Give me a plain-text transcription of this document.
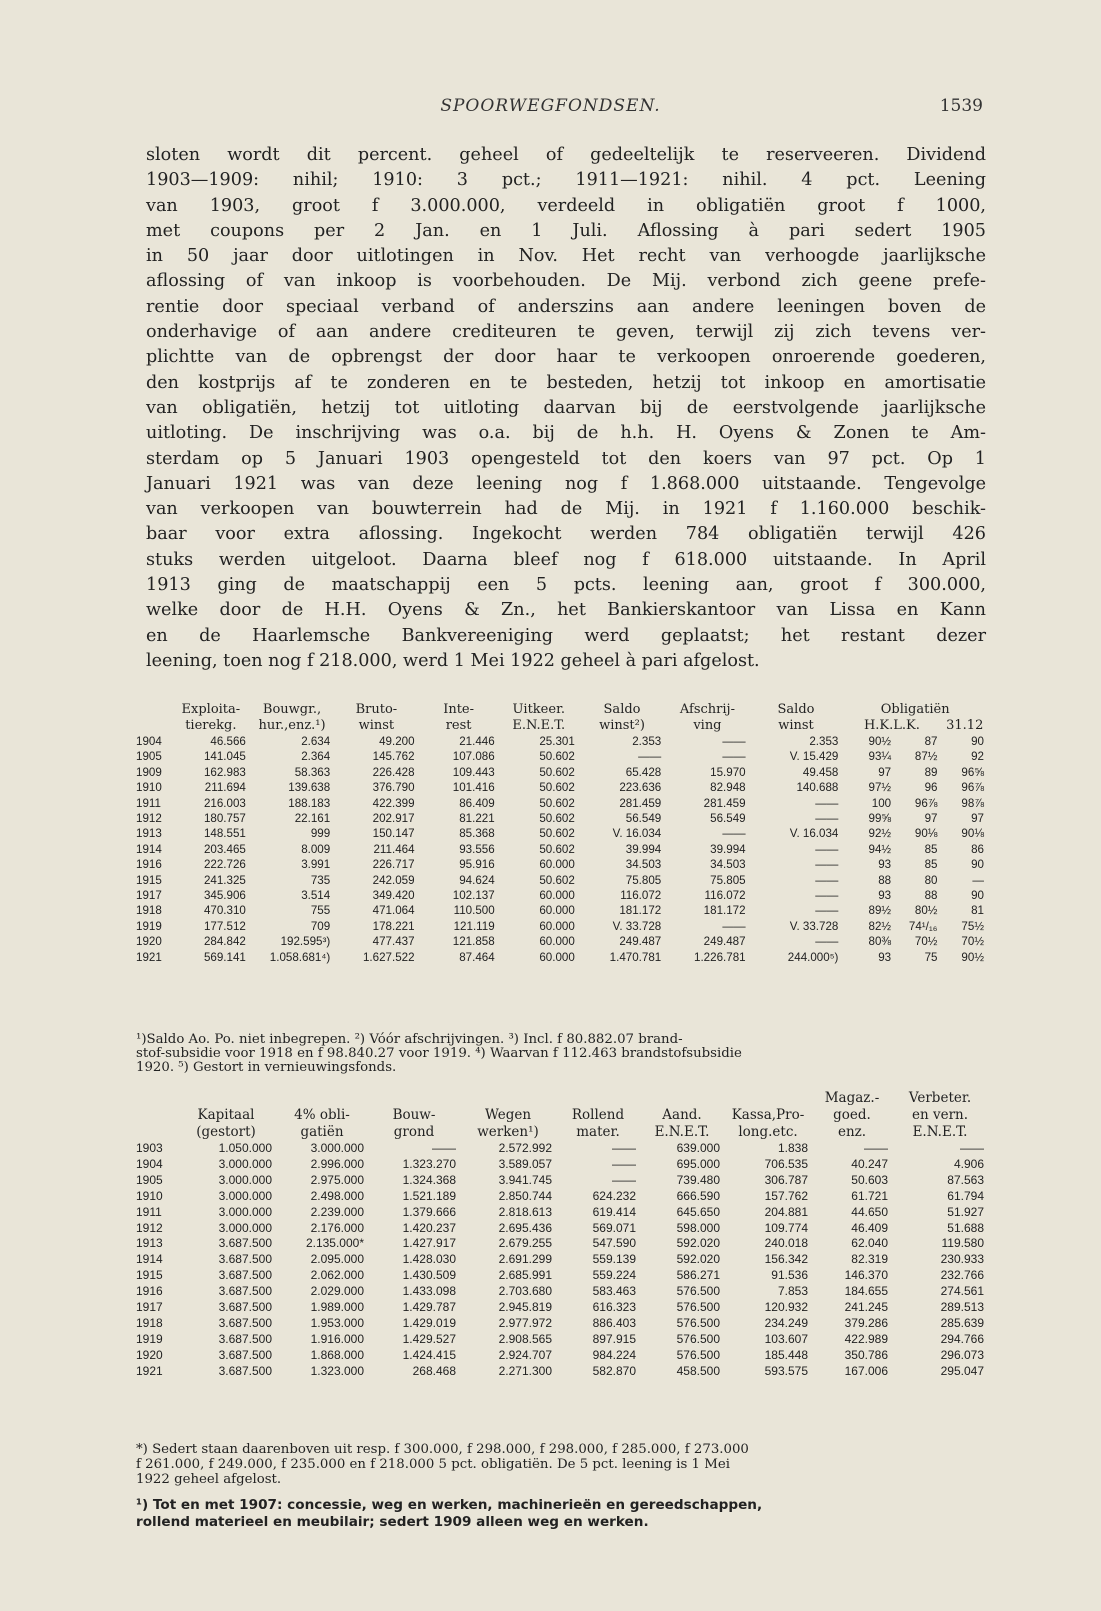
SPOORWEGFONDSEN.	1539
sloten wordt dit percent. geheel of gedeeltelijk te reserveeren. Dividend
1903—1909: nihil; 1910: 3 pct.; 1911—1921: nihil. 4 pct. Leening
van 1903, groot f 3.000.000, verdeeld in obligatiën groot f 1000,
met coupons per 2 Jan. en 1 Juli. Aflossing à pari sedert 1905
in 50 jaar door uitlotingen in Nov. Het recht van verhoogde jaarlijksche
aflossing of van inkoop is voorbehouden. De Mij. verbond zich geene prefe-
rentie door speciaal verband of anderszins aan andere leeningen boven de
onderhavige of aan andere crediteuren te geven, terwijl zij zich tevens ver-
plichtte van de opbrengst der door haar te verkoopen onroerende goederen,
den kostprijs af te zonderen en te besteden, hetzij tot inkoop en amortisatie
van obligatiën, hetzij tot uitloting daarvan bij de eerstvolgende jaarlijksche
uitloting. De inschrijving was o.a. bij de h.h. H. Oyens & Zonen te Am-
sterdam op 5 Januari 1903 opengesteld tot den koers van 97 pct. Op 1
Januari 1921 was van deze leening nog f 1.868.000 uitstaande. Tengevolge
van verkoopen van bouwterrein had de Mij. in 1921 f 1.160.000 beschik-
baar voor extra aflossing. Ingekocht werden 784 obligatiën terwijl 426
stuks werden uitgeloot. Daarna bleef nog f 618.000 uitstaande. In April
1913 ging de maatschappij een 5 pcts. leening aan, groot f 300.000,
welke door de H.H. Oyens & Zn., het Bankierskantoor van Lissa en Kann
en de Haarlemsche Bankvereeniging werd geplaatst; het restant dezer
leening, toen nog f 218.000, werd 1 Mei 1922 geheel à pari afgelost.
	Exploita-	Bouwgr.,	Bruto-	Inte-	Uitkeer.	Saldo	Afschrij-	Saldo	Obligatiën		
	tierekg.	hur.,enz.¹)	winst	rest	E.N.E.T.	winst²)	ving	winst	H.K.L.K.		31.12
1904	46.566	2.634	49.200	21.446	25.301	2.353	——	2.353	90½	87	90
1905	141.045	2.364	145.762	107.086	50.602	——	——	V. 15.429	93¼	87½	92
1909	162.983	58.363	226.428	109.443	50.602	65.428	15.970	49.458	97	89	96⅝
1910	211.694	139.638	376.790	101.416	50.602	223.636	82.948	140.688	97½	96	96⅞
1911	216.003	188.183	422.399	86.409	50.602	281.459	281.459	——	100	96⅞	98⅞
1912	180.757	22.161	202.917	81.221	50.602	56.549	56.549	——	99⅝	97	97
1913	148.551	999	150.147	85.368	50.602	V. 16.034	——	V. 16.034	92½	90⅛	90⅛
1914	203.465	8.009	211.464	93.556	50.602	39.994	39.994	——	94½	85	86
1916	222.726	3.991	226.717	95.916	60.000	34.503	34.503	——	93	85	90
1915	241.325	735	242.059	94.624	50.602	75.805	75.805	——	88	80	—
1917	345.906	3.514	349.420	102.137	60.000	116.072	116.072	——	93	88	90
1918	470.310	755	471.064	110.500	60.000	181.172	181.172	——	89½	80½	81
1919	177.512	709	178.221	121.119	60.000	V. 33.728	——	V. 33.728	82½	74¹/₁₆	75½
1920	284.842	192.595³)	477.437	121.858	60.000	249.487	249.487	——	80⅜	70½	70½
1921	569.141	1.058.681⁴)	1.627.522	87.464	60.000	1.470.781	1.226.781	244.000⁵)	93	75	90½
¹)Saldo Ao. Po. niet inbegrepen. ²) Vóór afschrijvingen. ³) Incl. f 80.882.07 brand-
stof-subsidie voor 1918 en f 98.840.27 voor 1919. ⁴) Waarvan f 112.463 brandstofsubsidie
1920. ⁵) Gestort in vernieuwingsfonds.
								Magaz.-	Verbeter.
	Kapitaal	4% obli-	Bouw-	Wegen	Rollend	Aand.	Kassa,Pro-	goed.	en vern.
	(gestort)	gatiën	grond	werken¹)	mater.	E.N.E.T.	long.etc.	enz.	E.N.E.T.
1903	1.050.000	3.000.000	——	2.572.992	——	639.000	1.838	——	——
1904	3.000.000	2.996.000	1.323.270	3.589.057	——	695.000	706.535	40.247	4.906
1905	3.000.000	2.975.000	1.324.368	3.941.745	——	739.480	306.787	50.603	87.563
1910	3.000.000	2.498.000	1.521.189	2.850.744	624.232	666.590	157.762	61.721	61.794
1911	3.000.000	2.239.000	1.379.666	2.818.613	619.414	645.650	204.881	44.650	51.927
1912	3.000.000	2.176.000	1.420.237	2.695.436	569.071	598.000	109.774	46.409	51.688
1913	3.687.500	2.135.000*	1.427.917	2.679.255	547.590	592.020	240.018	62.040	119.580
1914	3.687.500	2.095.000	1.428.030	2.691.299	559.139	592.020	156.342	82.319	230.933
1915	3.687.500	2.062.000	1.430.509	2.685.991	559.224	586.271	91.536	146.370	232.766
1916	3.687.500	2.029.000	1.433.098	2.703.680	583.463	576.500	7.853	184.655	274.561
1917	3.687.500	1.989.000	1.429.787	2.945.819	616.323	576.500	120.932	241.245	289.513
1918	3.687.500	1.953.000	1.429.019	2.977.972	886.403	576.500	234.249	379.286	285.639
1919	3.687.500	1.916.000	1.429.527	2.908.565	897.915	576.500	103.607	422.989	294.766
1920	3.687.500	1.868.000	1.424.415	2.924.707	984.224	576.500	185.448	350.786	296.073
1921	3.687.500	1.323.000	268.468	2.271.300	582.870	458.500	593.575	167.006	295.047
*) Sedert staan daarenboven uit resp. f 300.000, f 298.000, f 298.000, f 285.000, f 273.000
f 261.000, f 249.000, f 235.000 en f 218.000 5 pct. obligatiën. De 5 pct. leening is 1 Mei
1922 geheel afgelost.
¹) Tot en met 1907: concessie, weg en werken, machinerieën en gereedschappen,
rollend materieel en meubilair; sedert 1909 alleen weg en werken.
